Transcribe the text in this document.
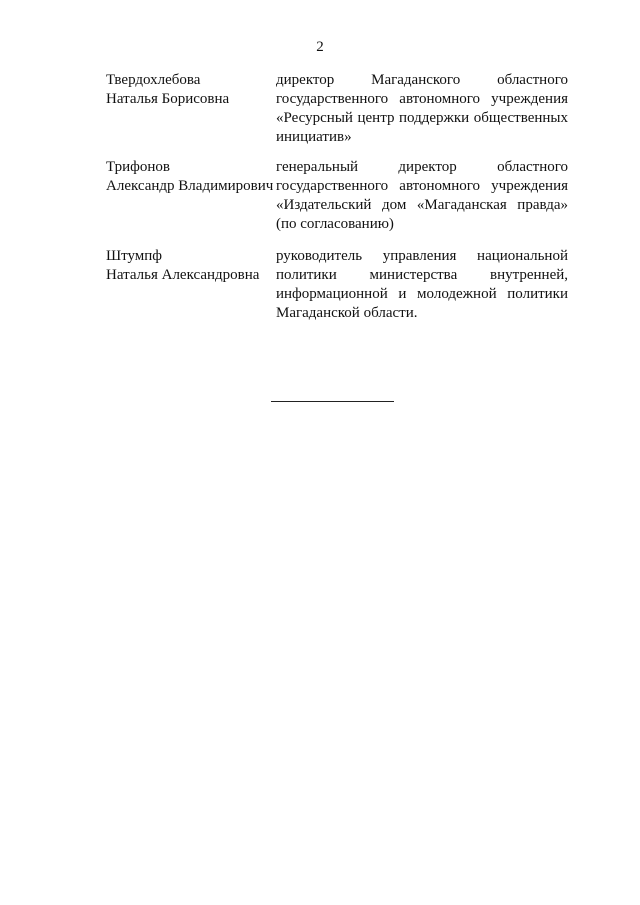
2
Твердохлебова
Наталья Борисовна
директор Магаданского областного
государственного автономного учреждения
«Ресурсный центр поддержки общественных
инициатив»
Трифонов
Александр Владимирович
генеральный директор областного
государственного автономного учреждения
«Издательский дом «Магаданская правда»
(по согласованию)
Штумпф
Наталья Александровна
руководитель управления национальной
политики министерства внутренней,
информационной и молодежной политики
Магаданской области.
